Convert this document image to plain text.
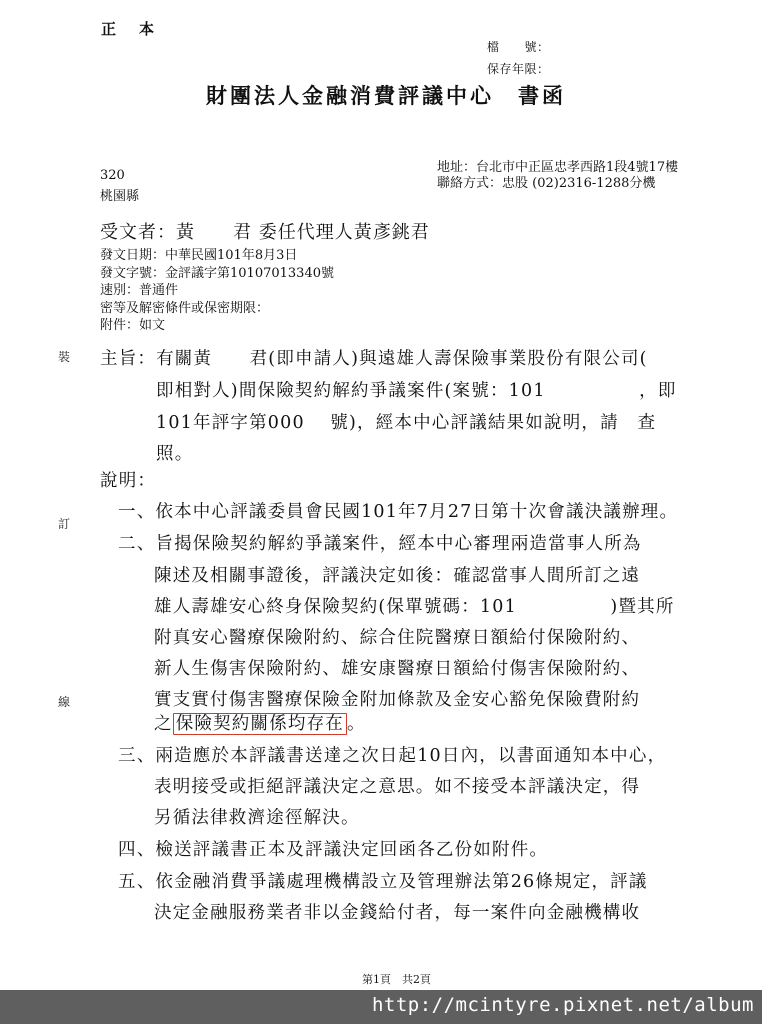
正　本
檔　　號：
保存年限：
財團法人金融消費評議中心　書函
地址：台北市中正區忠孝西路1段4號17樓
聯絡方式：忠股 (02)2316-1288分機
320
桃園縣
受文者：黃　　君 委任代理人黃彥銚君
發文日期：中華民國101年8月3日
發文字號：金評議字第10107013340號
速別：普通件
密等及解密條件或保密期限：
附件：如文
裝
訂
線
主旨：有關黃　　君(即申請人)與遠雄人壽保險事業股份有限公司(
即相對人)間保險契約解約爭議案件(案號：101　　　　　，即
101年評字第000　 號)，經本中心評議結果如說明，請　查
照。
說明：
一、依本中心評議委員會民國101年7月27日第十次會議決議辦理。
二、旨揭保險契約解約爭議案件，經本中心審理兩造當事人所為
陳述及相關事證後，評議決定如後：確認當事人間所訂之遠
雄人壽雄安心終身保險契約(保單號碼：101　　　　　)暨其所
附真安心醫療保險附約、綜合住院醫療日額給付保險附約、
新人生傷害保險附約、雄安康醫療日額給付傷害保險附約、
實支實付傷害醫療保險金附加條款及金安心豁免保險費附約
之 保險契約關係均存在 。
三、兩造應於本評議書送達之次日起10日內，以書面通知本中心，
表明接受或拒絕評議決定之意思。如不接受本評議決定，得
另循法律救濟途徑解決。
四、檢送評議書正本及評議決定回函各乙份如附件。
五、依金融消費爭議處理機構設立及管理辦法第26條規定，評議
決定金融服務業者非以金錢給付者，每一案件向金融機構收
第1頁　共2頁
http://mcintyre.pixnet.net/album
